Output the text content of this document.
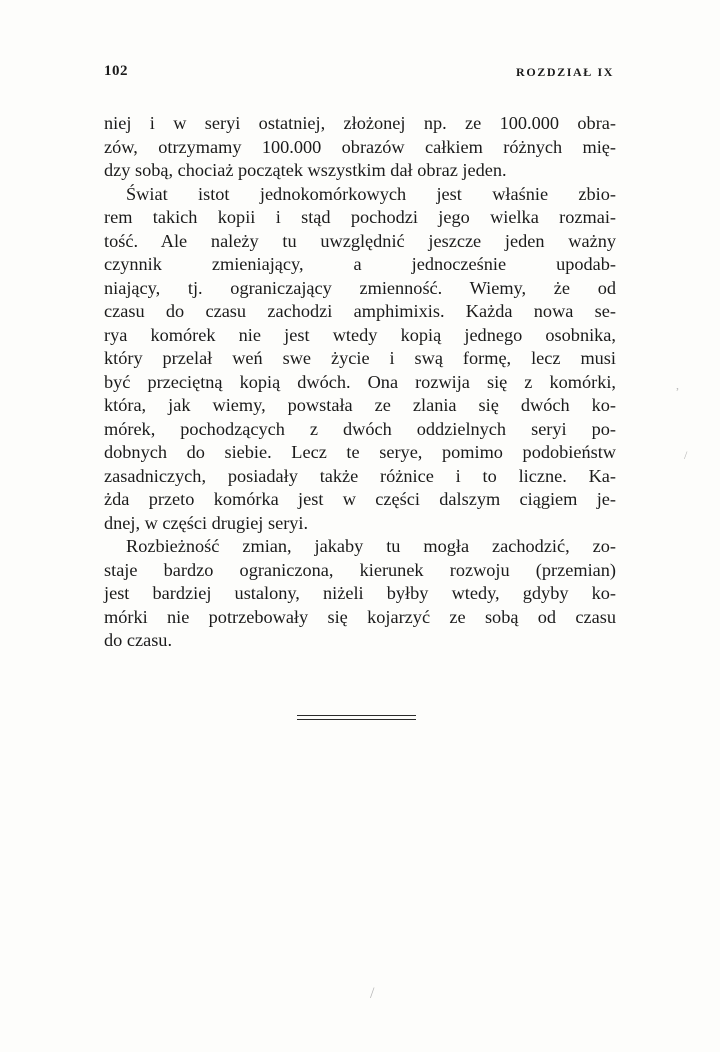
102	ROZDZIAŁ IX
niej i w seryi ostatniej, złożonej np. ze 100.000 obra-
zów, otrzymamy 100.000 obrazów całkiem różnych mię-
dzy sobą, chociaż początek wszystkim dał obraz jeden.
Świat istot jednokomórkowych jest właśnie zbio-
rem takich kopii i stąd pochodzi jego wielka rozmai-
tość. Ale należy tu uwzględnić jeszcze jeden ważny
czynnik zmieniający, a jednocześnie upodab-
niający, tj. ograniczający zmienność. Wiemy, że od
czasu do czasu zachodzi amphimixis. Każda nowa se-
rya komórek nie jest wtedy kopią jednego osobnika,
który przelał weń swe życie i swą formę, lecz musi
być przeciętną kopią dwóch. Ona rozwija się z komórki,
która, jak wiemy, powstała ze zlania się dwóch ko-
mórek, pochodzących z dwóch oddzielnych seryi po-
dobnych do siebie. Lecz te serye, pomimo podobieństw
zasadniczych, posiadały także różnice i to liczne. Ka-
żda przeto komórka jest w części dalszym ciągiem je-
dnej, w części drugiej seryi.
Rozbieżność zmian, jakaby tu mogła zachodzić, zo-
staje bardzo ograniczona, kierunek rozwoju (przemian)
jest bardziej ustalony, niżeli byłby wtedy, gdyby ko-
mórki nie potrzebowały się kojarzyć ze sobą od czasu
do czasu.
,
/
/
